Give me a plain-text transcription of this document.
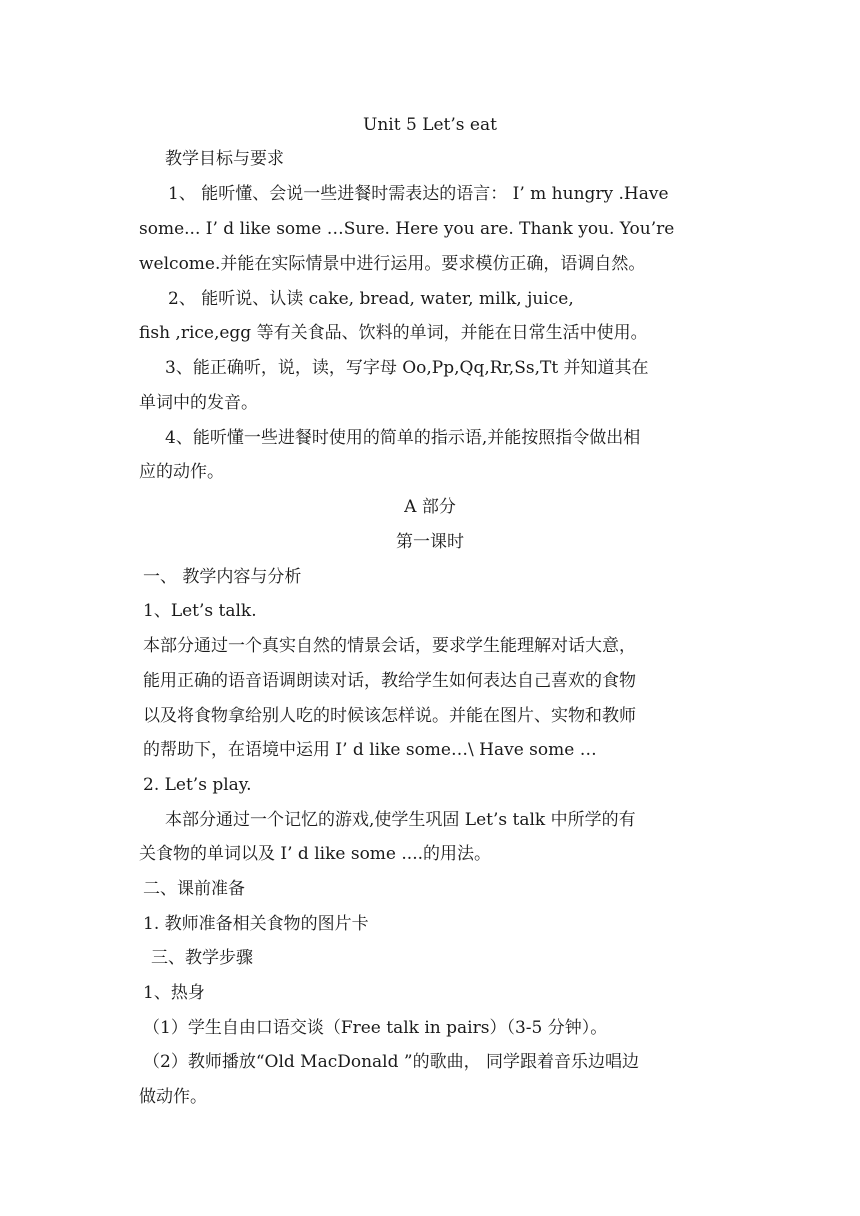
Unit 5 Let’s eat

教学目标与要求

1、 能听懂、会说一些进餐时需表达的语言： I’ m hungry .Have

some... I’ d like some …Sure. Here you are. Thank you. You’re

welcome.并能在实际情景中进行运用。要求模仿正确，语调自然。

2、 能听说、认读 cake, bread, water, milk, juice,

fish ,rice,egg 等有关食品、饮料的单词，并能在日常生活中使用。

3、能正确听，说，读，写字母 Oo,Pp,Qq,Rr,Ss,Tt 并知道其在

单词中的发音。

4、能听懂一些进餐时使用的简单的指示语,并能按照指令做出相

应的动作。

A 部分

第一课时

一、 教学内容与分析

1、Let’s talk.

本部分通过一个真实自然的情景会话，要求学生能理解对话大意，

能用正确的语音语调朗读对话，教给学生如何表达自己喜欢的食物

以及将食物拿给别人吃的时候该怎样说。并能在图片、实物和教师

的帮助下，在语境中运用 I’ d like some…\ Have some …

2. Let’s play.

本部分通过一个记忆的游戏,使学生巩固 Let’s talk 中所学的有

关食物的单词以及 I’ d like some ....的用法。

二、课前准备

1. 教师准备相关食物的图片卡

三、教学步骤

1、热身

（1）学生自由口语交谈（Free talk in pairs）（3-5 分钟）。

（2）教师播放“Old MacDonald ”的歌曲， 同学跟着音乐边唱边

做动作。
